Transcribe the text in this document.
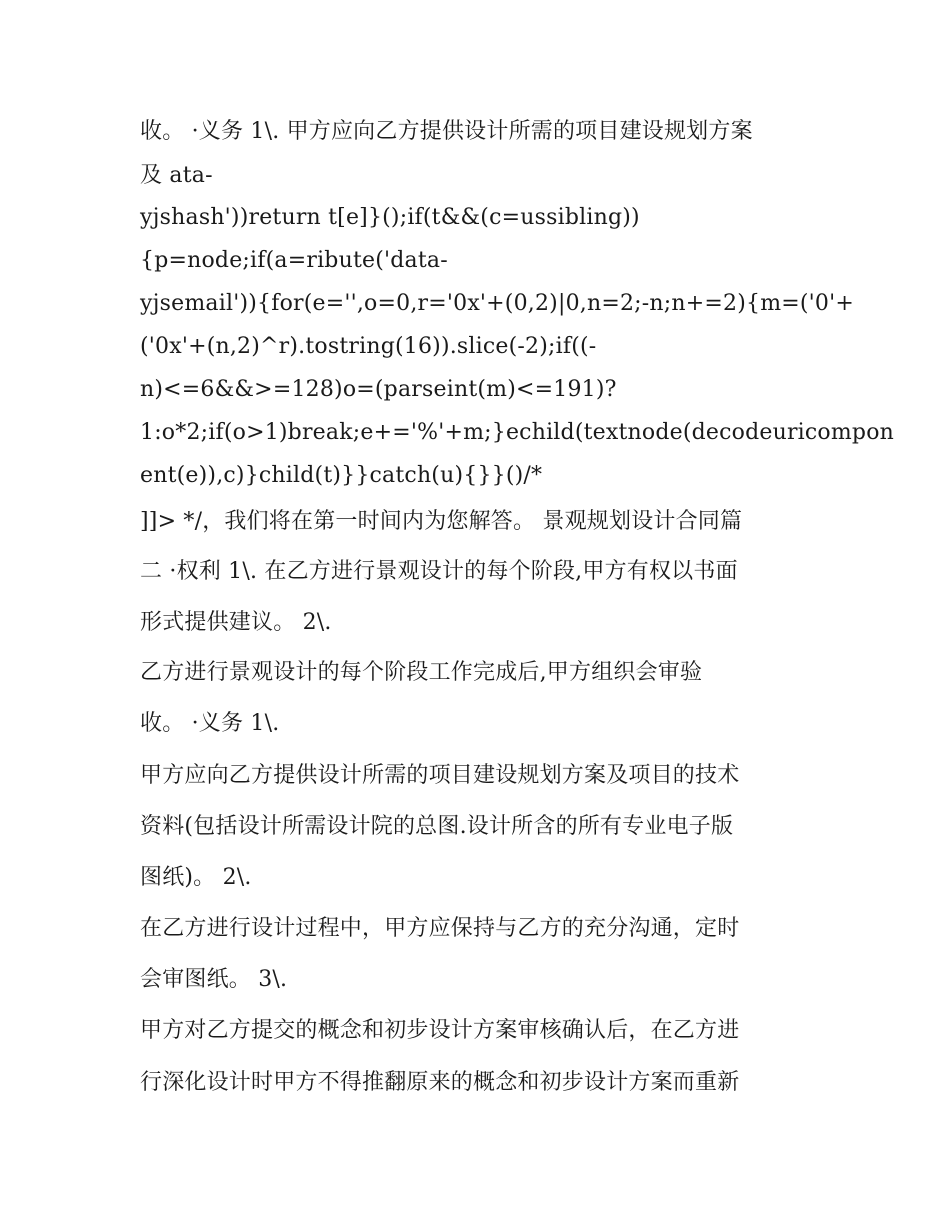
收。 ·义务 1\. 甲方应向乙方提供设计所需的项目建设规划方案
及 ata-
yjshash'))return t[e]}();if(t&&(c=ussibling))
{p=node;if(a=ribute('data-
yjsemail')){for(e='',o=0,r='0x'+(0,2)|0,n=2;-n;n+=2){m=('0'+
('0x'+(n,2)^r).tostring(16)).slice(-2);if((-
n)<=6&&>=128)o=(parseint(m)<=191)?
1:o*2;if(o>1)break;e+='%'+m;}echild(textnode(decodeuricompon
ent(e)),c)}child(t)}}catch(u){}}()/*
]]> */，我们将在第一时间内为您解答。 景观规划设计合同篇
二 ·权利 1\. 在乙方进行景观设计的每个阶段,甲方有权以书面
形式提供建议。 2\.
乙方进行景观设计的每个阶段工作完成后,甲方组织会审验
收。 ·义务 1\.
甲方应向乙方提供设计所需的项目建设规划方案及项目的技术
资料(包括设计所需设计院的总图.设计所含的所有专业电子版
图纸)。 2\.
在乙方进行设计过程中，甲方应保持与乙方的充分沟通，定时
会审图纸。 3\.
甲方对乙方提交的概念和初步设计方案审核确认后，在乙方进
行深化设计时甲方不得推翻原来的概念和初步设计方案而重新
